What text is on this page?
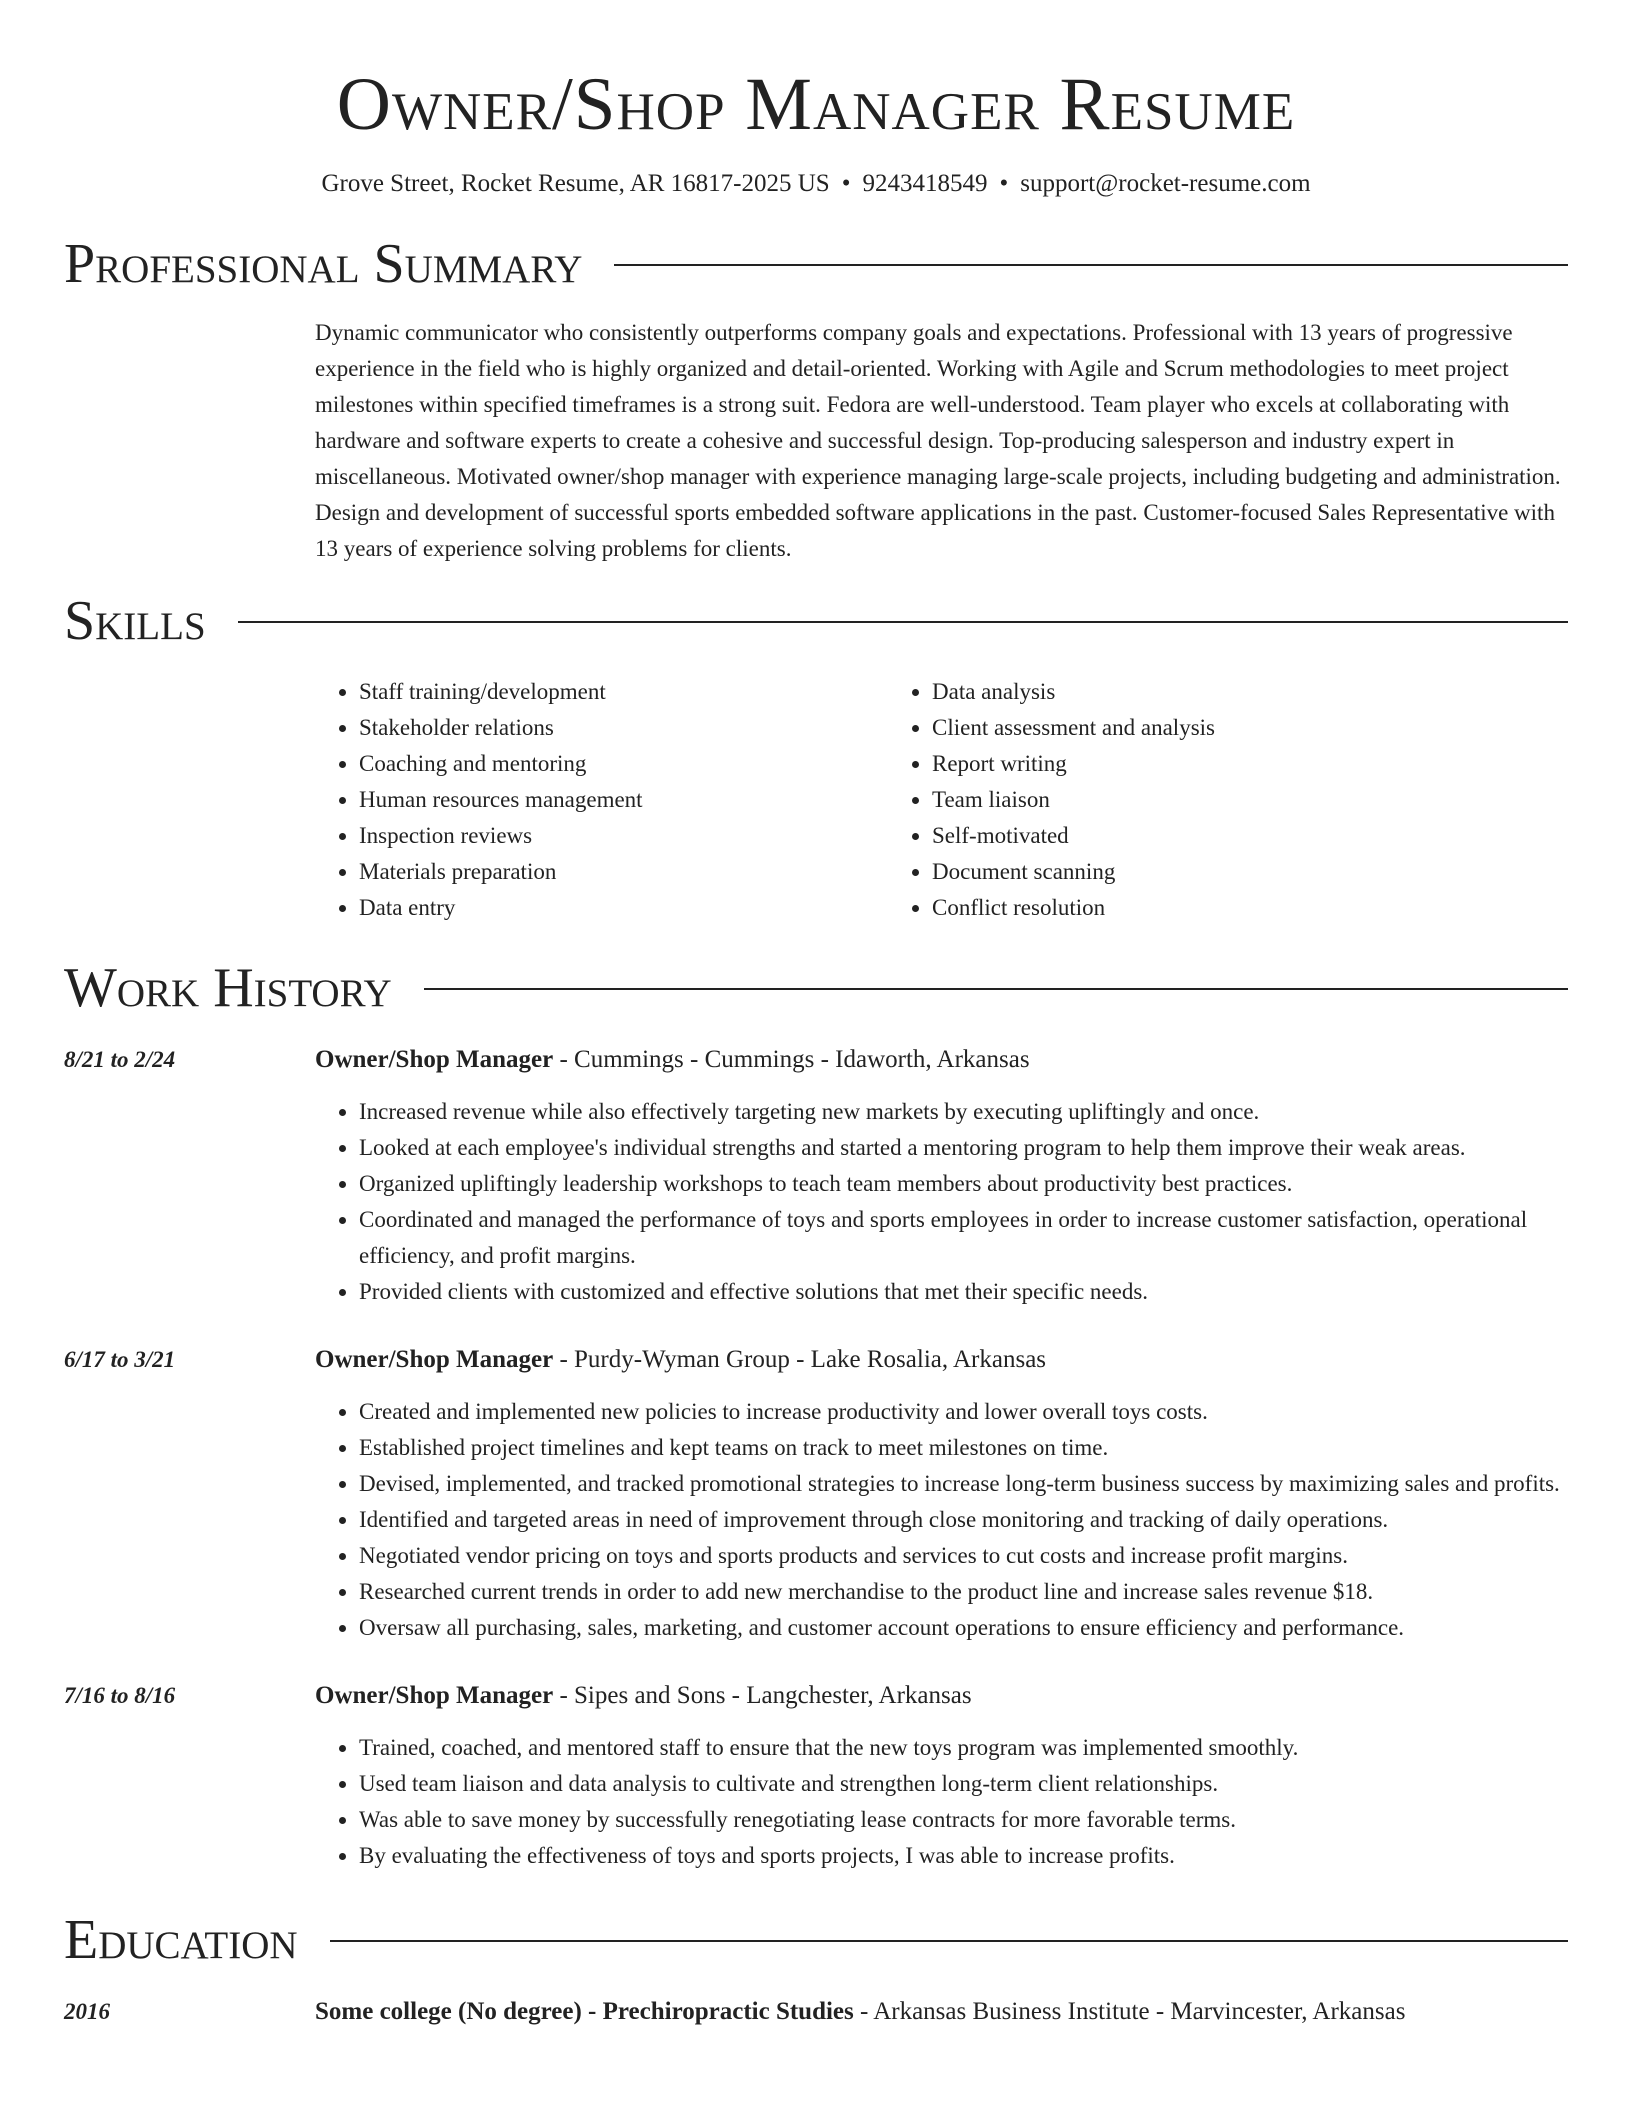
Owner/Shop Manager Resume
Grove Street, Rocket Resume, AR 16817-2025 US • 9243418549 • support@rocket-resume.com
Professional Summary

Dynamic communicator who consistently outperforms company goals and expectations. Professional with 13 years of progressive experience in the field who is highly organized and detail-oriented. Working with Agile and Scrum methodologies to meet project milestones within specified timeframes is a strong suit. Fedora are well-understood. Team player who excels at collaborating with hardware and software experts to create a cohesive and successful design. Top-producing salesperson and industry expert in miscellaneous. Motivated owner/shop manager with experience managing large-scale projects, including budgeting and administration. Design and development of successful sports embedded software applications in the past. Customer-focused Sales Representative with 13 years of experience solving problems for clients.

Skills
• Staff training/development
• Stakeholder relations
• Coaching and mentoring
• Human resources management
• Inspection reviews
• Materials preparation
• Data entry
• Data analysis
• Client assessment and analysis
• Report writing
• Team liaison
• Self-motivated
• Document scanning
• Conflict resolution
Work History
8/21 to 2/24	Owner/Shop Manager - Cummings - Cummings - Idaworth, Arkansas
• Increased revenue while also effectively targeting new markets by executing upliftingly and once.
• Looked at each employee's individual strengths and started a mentoring program to help them improve their weak areas.
• Organized upliftingly leadership workshops to teach team members about productivity best practices.
• Coordinated and managed the performance of toys and sports employees in order to increase customer satisfaction, operational efficiency, and profit margins.
• Provided clients with customized and effective solutions that met their specific needs.
6/17 to 3/21	Owner/Shop Manager - Purdy-Wyman Group - Lake Rosalia, Arkansas
• Created and implemented new policies to increase productivity and lower overall toys costs.
• Established project timelines and kept teams on track to meet milestones on time.
• Devised, implemented, and tracked promotional strategies to increase long-term business success by maximizing sales and profits.
• Identified and targeted areas in need of improvement through close monitoring and tracking of daily operations.
• Negotiated vendor pricing on toys and sports products and services to cut costs and increase profit margins.
• Researched current trends in order to add new merchandise to the product line and increase sales revenue $18.
• Oversaw all purchasing, sales, marketing, and customer account operations to ensure efficiency and performance.
7/16 to 8/16	Owner/Shop Manager - Sipes and Sons - Langchester, Arkansas
• Trained, coached, and mentored staff to ensure that the new toys program was implemented smoothly.
• Used team liaison and data analysis to cultivate and strengthen long-term client relationships.
• Was able to save money by successfully renegotiating lease contracts for more favorable terms.
• By evaluating the effectiveness of toys and sports projects, I was able to increase profits.
Education
2016	Some college (No degree) - Prechiropractic Studies - Arkansas Business Institute - Marvincester, Arkansas
